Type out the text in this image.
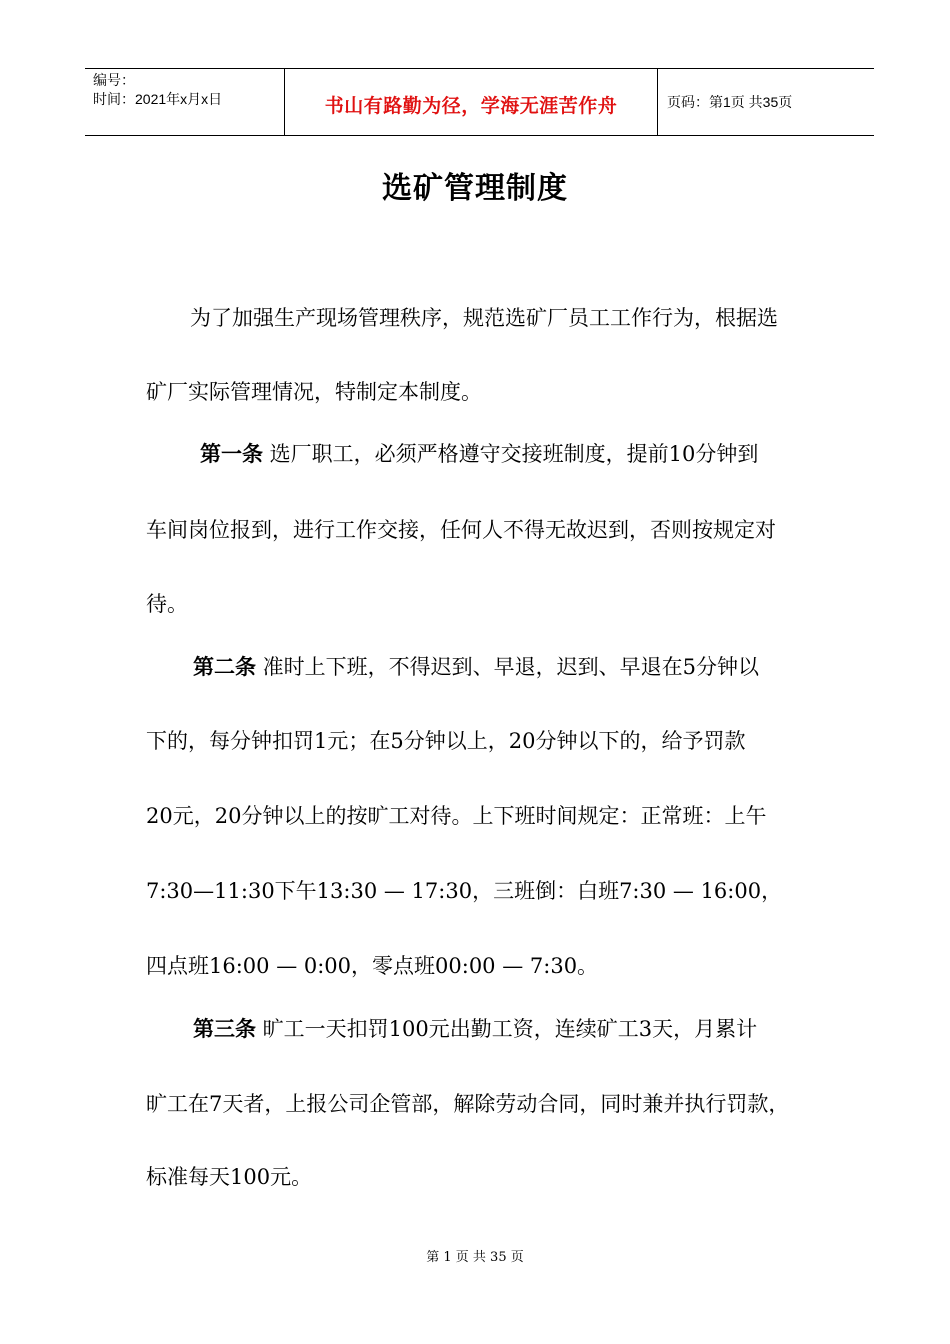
编号：
时间：2021年x月x日	书山有路勤为径，学海无涯苦作舟	页码：第1页 共35页
选矿管理制度
为了加强生产现场管理秩序，规范选矿厂员工工作行为，根据选
矿厂实际管理情况，特制定本制度。
第一条 选厂职工，必须严格遵守交接班制度，提前10分钟到
车间岗位报到，进行工作交接，任何人不得无故迟到，否则按规定对
待。
第二条 准时上下班，不得迟到、早退，迟到、早退在5分钟以
下的，每分钟扣罚1元；在5分钟以上，20分钟以下的，给予罚款
20元，20分钟以上的按旷工对待。上下班时间规定：正常班：上午
7:30—11:30下午13:30 — 17:30，三班倒：白班7:30 — 16:00，
四点班16:00 — 0:00，零点班00:00 — 7:30。
第三条 旷工一天扣罚100元出勤工资，连续矿工3天，月累计
旷工在7天者，上报公司企管部，解除劳动合同，同时兼并执行罚款，
标准每天100元。
第 1 页 共 35 页
